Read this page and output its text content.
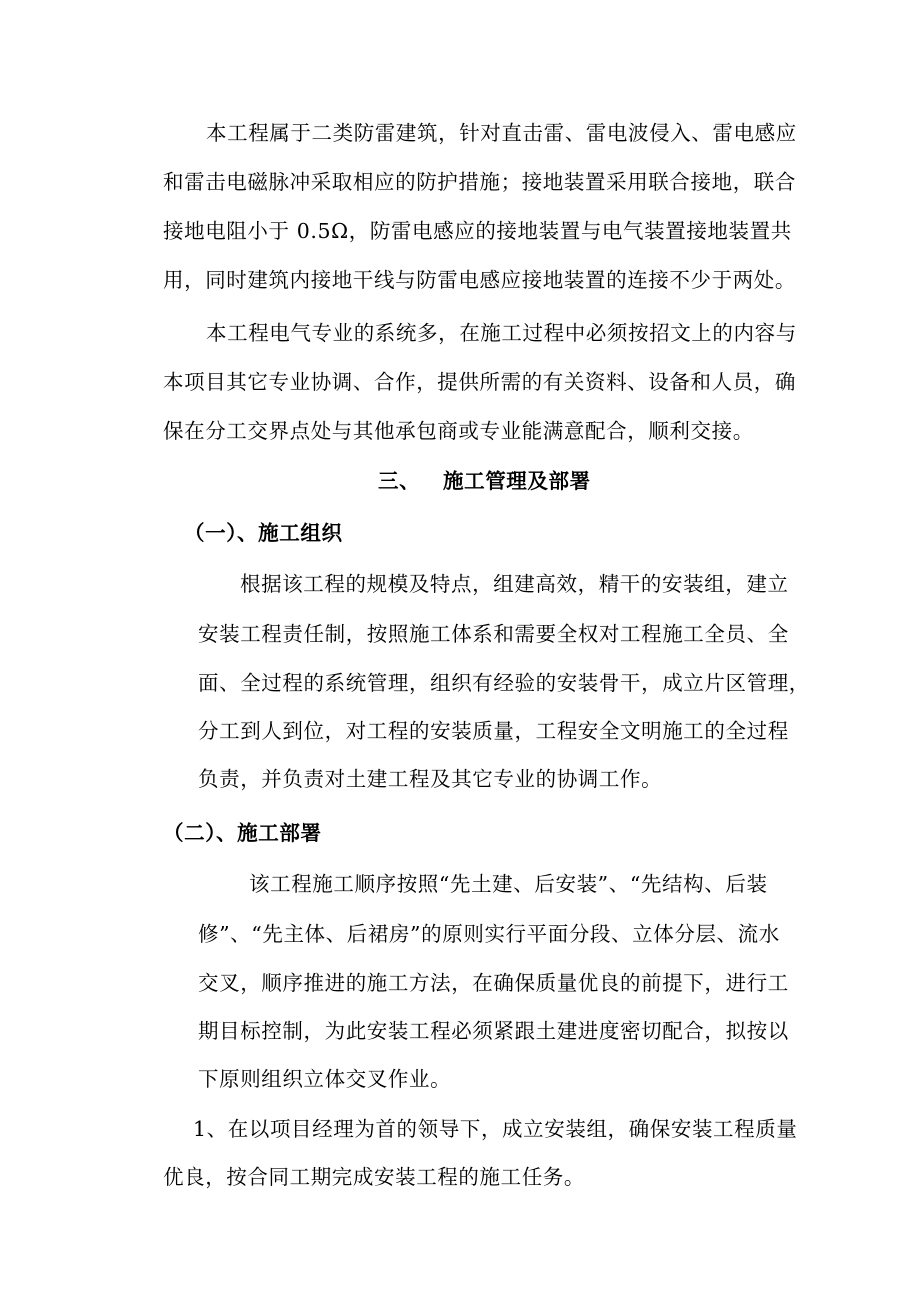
本工程属于二类防雷建筑，针对直击雷、雷电波侵入、雷电感应
和雷击电磁脉冲采取相应的防护措施；接地装置采用联合接地，联合
接地电阻小于 0.5Ω，防雷电感应的接地装置与电气装置接地装置共
用，同时建筑内接地干线与防雷电感应接地装置的连接不少于两处。
本工程电气专业的系统多，在施工过程中必须按招文上的内容与
本项目其它专业协调、合作，提供所需的有关资料、设备和人员，确
保在分工交界点处与其他承包商或专业能满意配合，顺利交接。
三、 施工管理及部署
（一）、施工组织
根据该工程的规模及特点，组建高效，精干的安装组，建立
安装工程责任制，按照施工体系和需要全权对工程施工全员、全
面、全过程的系统管理，组织有经验的安装骨干，成立片区管理，
分工到人到位，对工程的安装质量，工程安全文明施工的全过程
负责，并负责对土建工程及其它专业的协调工作。
（二）、施工部署
该工程施工顺序按照“先土建、后安装”、“先结构、后装
修”、“先主体、后裙房”的原则实行平面分段、立体分层、流水
交叉，顺序推进的施工方法，在确保质量优良的前提下，进行工
期目标控制，为此安装工程必须紧跟土建进度密切配合，拟按以
下原则组织立体交叉作业。
1、在以项目经理为首的领导下，成立安装组，确保安装工程质量
优良，按合同工期完成安装工程的施工任务。
